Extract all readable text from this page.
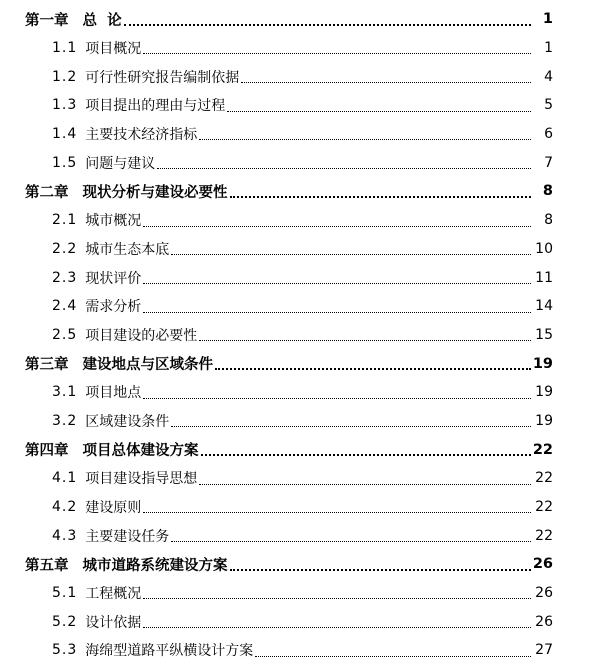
第一章 总  论	1
1.1 项目概况	1
1.2 可行性研究报告编制依据	4
1.3 项目提出的理由与过程	5
1.4 主要技术经济指标	6
1.5 问题与建议	7
第二章 现状分析与建设必要性	8
2.1 城市概况	8
2.2 城市生态本底	10
2.3 现状评价	11
2.4 需求分析	14
2.5 项目建设的必要性	15
第三章 建设地点与区域条件	19
3.1 项目地点	19
3.2 区域建设条件	19
第四章 项目总体建设方案	22
4.1 项目建设指导思想	22
4.2 建设原则	22
4.3 主要建设任务	22
第五章 城市道路系统建设方案	26
5.1 工程概况	26
5.2 设计依据	26
5.3 海绵型道路平纵横设计方案	27
